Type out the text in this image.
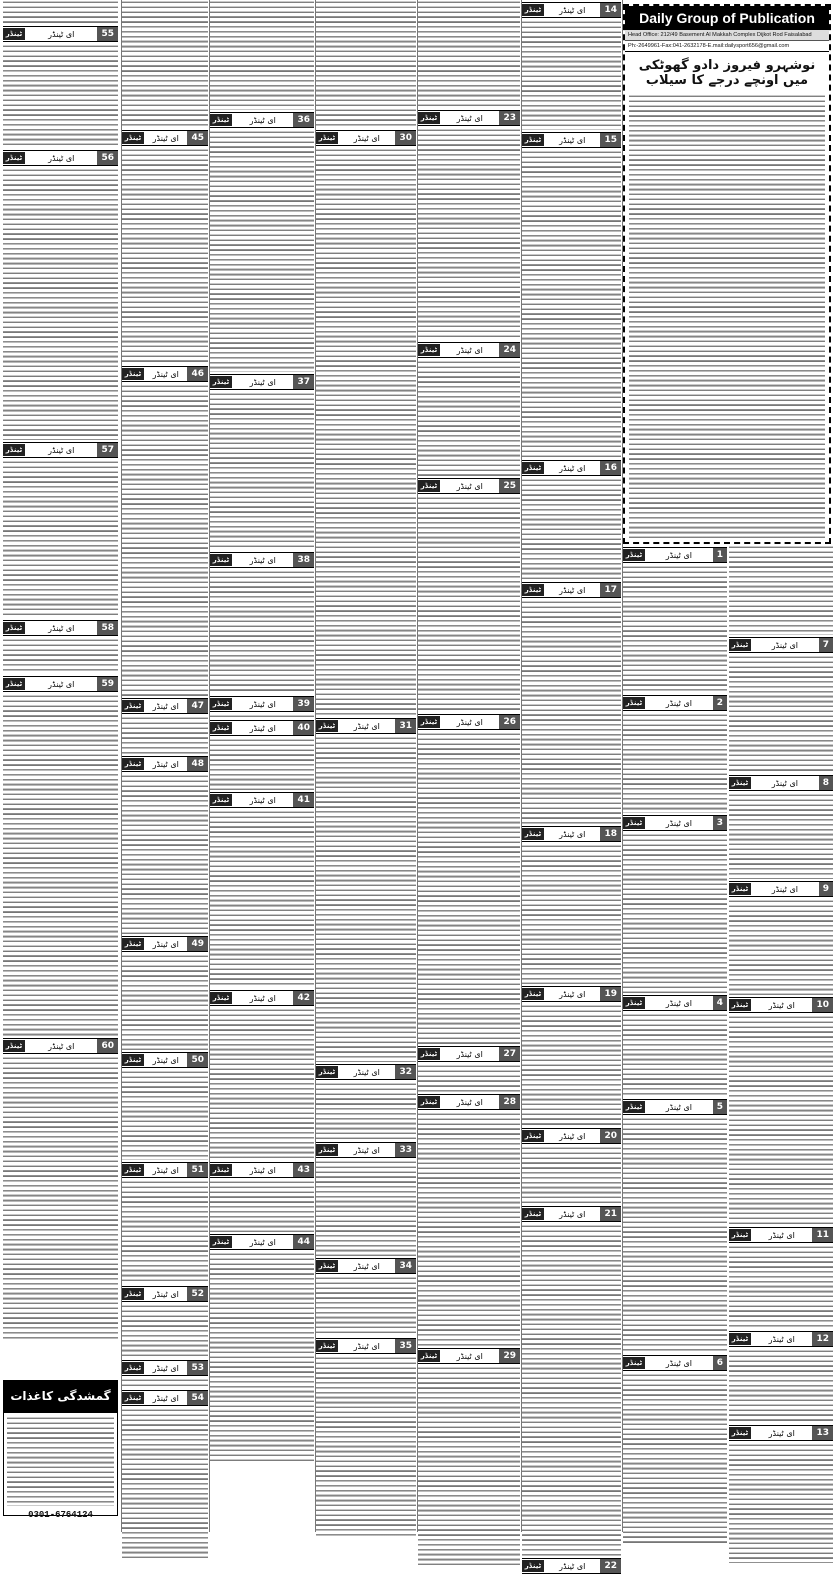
ٹینڈر	ای ٹینڈر	55
ٹینڈر	ای ٹینڈر	56
ٹینڈر	ای ٹینڈر	57
ٹینڈر	ای ٹینڈر	58
ٹینڈر	ای ٹینڈر	59
ٹینڈر	ای ٹینڈر	60
گمشدگی کاغذات
0301-6764124
ٹینڈر	ای ٹینڈر	45
ٹینڈر	ای ٹینڈر	46
ٹینڈر	ای ٹینڈر	47
ٹینڈر	ای ٹینڈر	48
ٹینڈر	ای ٹینڈر	49
ٹینڈر	ای ٹینڈر	50
ٹینڈر	ای ٹینڈر	51
ٹینڈر	ای ٹینڈر	52
ٹینڈر	ای ٹینڈر	53
ٹینڈر	ای ٹینڈر	54
ٹینڈر	ای ٹینڈر	36
ٹینڈر	ای ٹینڈر	37
ٹینڈر	ای ٹینڈر	38
ٹینڈر	ای ٹینڈر	39
ٹینڈر	ای ٹینڈر	40
ٹینڈر	ای ٹینڈر	41
ٹینڈر	ای ٹینڈر	42
ٹینڈر	ای ٹینڈر	43
ٹینڈر	ای ٹینڈر	44
ٹینڈر	ای ٹینڈر	30
ٹینڈر	ای ٹینڈر	31
ٹینڈر	ای ٹینڈر	32
ٹینڈر	ای ٹینڈر	33
ٹینڈر	ای ٹینڈر	34
ٹینڈر	ای ٹینڈر	35
ٹینڈر	ای ٹینڈر	23
ٹینڈر	ای ٹینڈر	24
ٹینڈر	ای ٹینڈر	25
ٹینڈر	ای ٹینڈر	26
ٹینڈر	ای ٹینڈر	27
ٹینڈر	ای ٹینڈر	28
ٹینڈر	ای ٹینڈر	29
ٹینڈر	ای ٹینڈر	14
ٹینڈر	ای ٹینڈر	15
ٹینڈر	ای ٹینڈر	16
ٹینڈر	ای ٹینڈر	17
ٹینڈر	ای ٹینڈر	18
ٹینڈر	ای ٹینڈر	19
ٹینڈر	ای ٹینڈر	20
ٹینڈر	ای ٹینڈر	21
ٹینڈر	ای ٹینڈر	22
ٹینڈر	ای ٹینڈر	1
ٹینڈر	ای ٹینڈر	2
ٹینڈر	ای ٹینڈر	3
ٹینڈر	ای ٹینڈر	4
ٹینڈر	ای ٹینڈر	5
ٹینڈر	ای ٹینڈر	6
ٹینڈر	ای ٹینڈر	7
ٹینڈر	ای ٹینڈر	8
ٹینڈر	ای ٹینڈر	9
ٹینڈر	ای ٹینڈر	10
ٹینڈر	ای ٹینڈر	11
ٹینڈر	ای ٹینڈر	12
ٹینڈر	ای ٹینڈر	13
Daily Group of Publication
Head Office: 212/49 Basement Al Makkah Complex Dijkot Rod Faisalabad
Ph:-2649961-Fax:041-2632178-E.mail:dailysport656@gmail.com
نوشہرو فیروز دادو گھوٹکی میں اونچے درجے کا سیلاب
